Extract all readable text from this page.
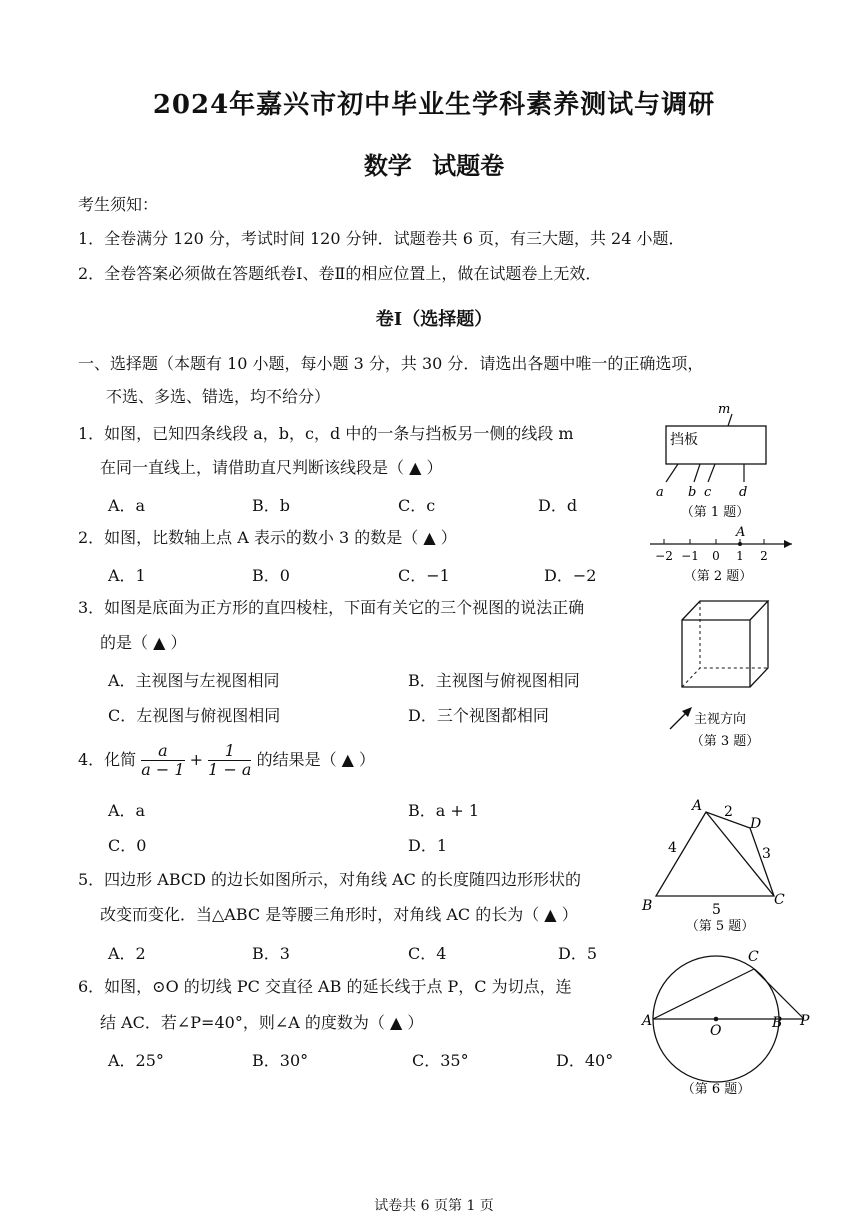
2024年嘉兴市初中毕业生学科素养测试与调研
数学 试题卷
考生须知：
1．全卷满分 120 分，考试时间 120 分钟．试题卷共 6 页，有三大题，共 24 小题．
2．全卷答案必须做在答题纸卷Ⅰ、卷Ⅱ的相应位置上，做在试题卷上无效．
卷Ⅰ（选择题）
一、选择题（本题有 10 小题，每小题 3 分，共 30 分．请选出各题中唯一的正确选项，
不选、多选、错选，均不给分）
1．如图，已知四条线段 a，b，c，d 中的一条与挡板另一侧的线段 m
在同一直线上，请借助直尺判断该线段是（ ▲ ）
A．a	B．b	C．c	D．d
2．如图，比数轴上点 A 表示的数小 3 的数是（ ▲ ）
A．1	B．0	C．−1	D．−2
3．如图是底面为正方形的直四棱柱，下面有关它的三个视图的说法正确
的是（ ▲ ）
A．主视图与左视图相同	B．主视图与俯视图相同
C．左视图与俯视图相同	D．三个视图都相同
4．化简 $\frac{a}{a - 1} + \frac{1}{1 - a}$ 的结果是（ ▲ ）
A．a	B．a + 1
C．0	D．1
5．四边形 ABCD 的边长如图所示，对角线 AC 的长度随四边形形状的
改变而变化．当△ABC 是等腰三角形时，对角线 AC 的长为（ ▲ ）
A．2	B．3	C．4	D．5
6．如图，⊙O 的切线 PC 交直径 AB 的延长线于点 P，C 为切点，连
结 AC．若∠P=40°，则∠A 的度数为（ ▲ ）
A．25°	B．30°	C．35°	D．40°
挡板
m
a b c d
（第 1 题）
A
−2 −1 0 1 2
（第 2 题）
主视方向
（第 3 题）
A
B	C
D
4
2
3
5
（第 5 题）
A	B
C
O
P
（第 6 题）
试卷共 6 页第 1 页
